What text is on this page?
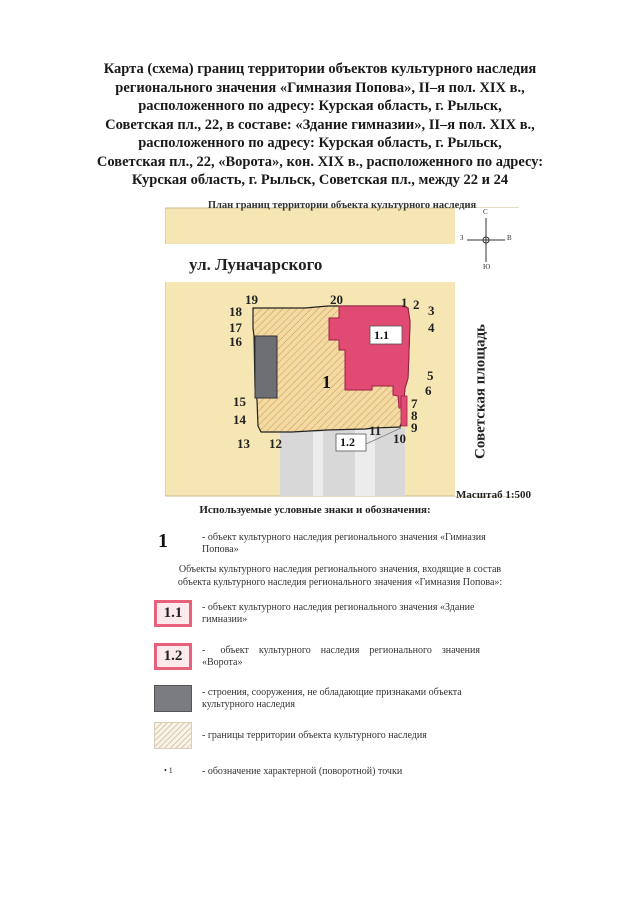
Карта (схема) границ территории объектов культурного наследия
регионального значения «Гимназия Попова», II–я пол. XIX в.,
расположенного по адресу: Курская область, г. Рыльск,
Советская пл., 22, в составе: «Здание гимназии», II–я пол. XIX в.,
расположенного по адресу: Курская область, г. Рыльск,
Советская пл., 22, «Ворота», кон. XIX в., расположенного по адресу:
Курская область, г. Рыльск, Советская пл., между 22 и 24
ул. Луначарского
Советская площадь
1
1.1
1.2
С
Ю
З	В
1 2 3
4
5
6
7
8
9
10
11
12
13
14
15
16
17
18
19	20
План границ территории объекта культурного наследия
Масштаб 1:500
Используемые условные знаки и обозначения:
1	- объект культурного наследия регионального значения «Гимназия
Попова»
Объекты культурного наследия регионального значения, входящие в состав
объекта культурного наследия регионального значения «Гимназия Попова»:
1.1	- объект культурного наследия регионального значения «Здание
гимназии»
1.2	-      объект    культурного    наследия    регионального    значения
«Ворота»
- строения, сооружения, не обладающие признаками объекта
культурного наследия
- границы территории объекта культурного наследия
• 1	- обозначение характерной (поворотной) точки
